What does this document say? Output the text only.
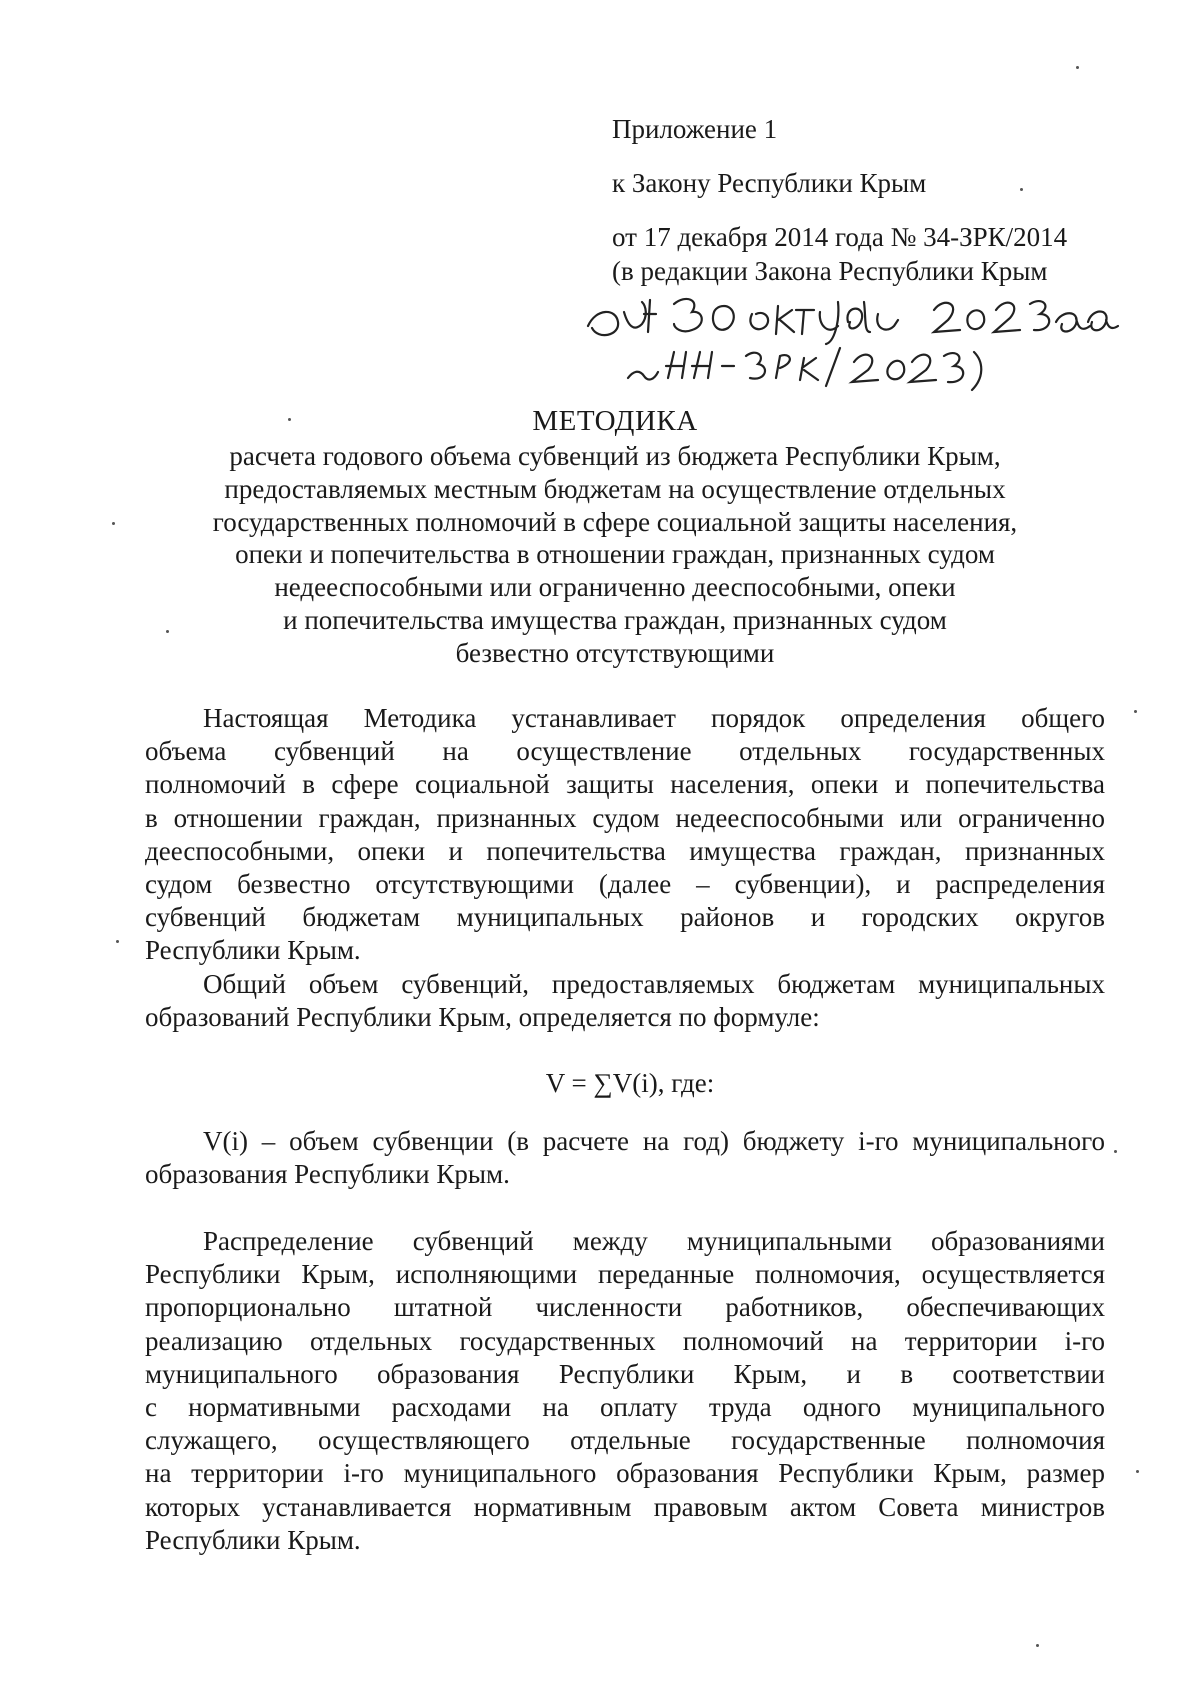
Приложение 1
к Закону Республики Крым
от 17 декабря 2014 года № 34-ЗРК/2014
(в редакции Закона Республики Крым
МЕТОДИКА
расчета годового объема субвенций из бюджета Республики Крым,
предоставляемых местным бюджетам на осуществление отдельных
государственных полномочий в сфере социальной защиты населения,
опеки и попечительства в отношении граждан, признанных судом
недееспособными или ограниченно дееспособными, опеки
и попечительства имущества граждан, признанных судом
безвестно отсутствующими
Настоящая Методика устанавливает порядок определения общего
объема субвенций на осуществление отдельных государственных
полномочий в сфере социальной защиты населения, опеки и попечительства
в отношении граждан, признанных судом недееспособными или ограниченно
дееспособными, опеки и попечительства имущества граждан, признанных
судом безвестно отсутствующими (далее – субвенции), и распределения
субвенций бюджетам муниципальных районов и городских округов
Республики Крым.
Общий объем субвенций, предоставляемых бюджетам муниципальных
образований Республики Крым, определяется по формуле:
V = ∑V(i), где:
V(i) – объем субвенции (в расчете на год) бюджету i-го муниципального
образования Республики Крым.
Распределение субвенций между муниципальными образованиями
Республики Крым, исполняющими переданные полномочия, осуществляется
пропорционально штатной численности работников, обеспечивающих
реализацию отдельных государственных полномочий на территории i-го
муниципального образования Республики Крым, и в соответствии
с нормативными расходами на оплату труда одного муниципального
служащего, осуществляющего отдельные государственные полномочия
на территории i-го муниципального образования Республики Крым, размер
которых устанавливается нормативным правовым актом Совета министров
Республики Крым.
